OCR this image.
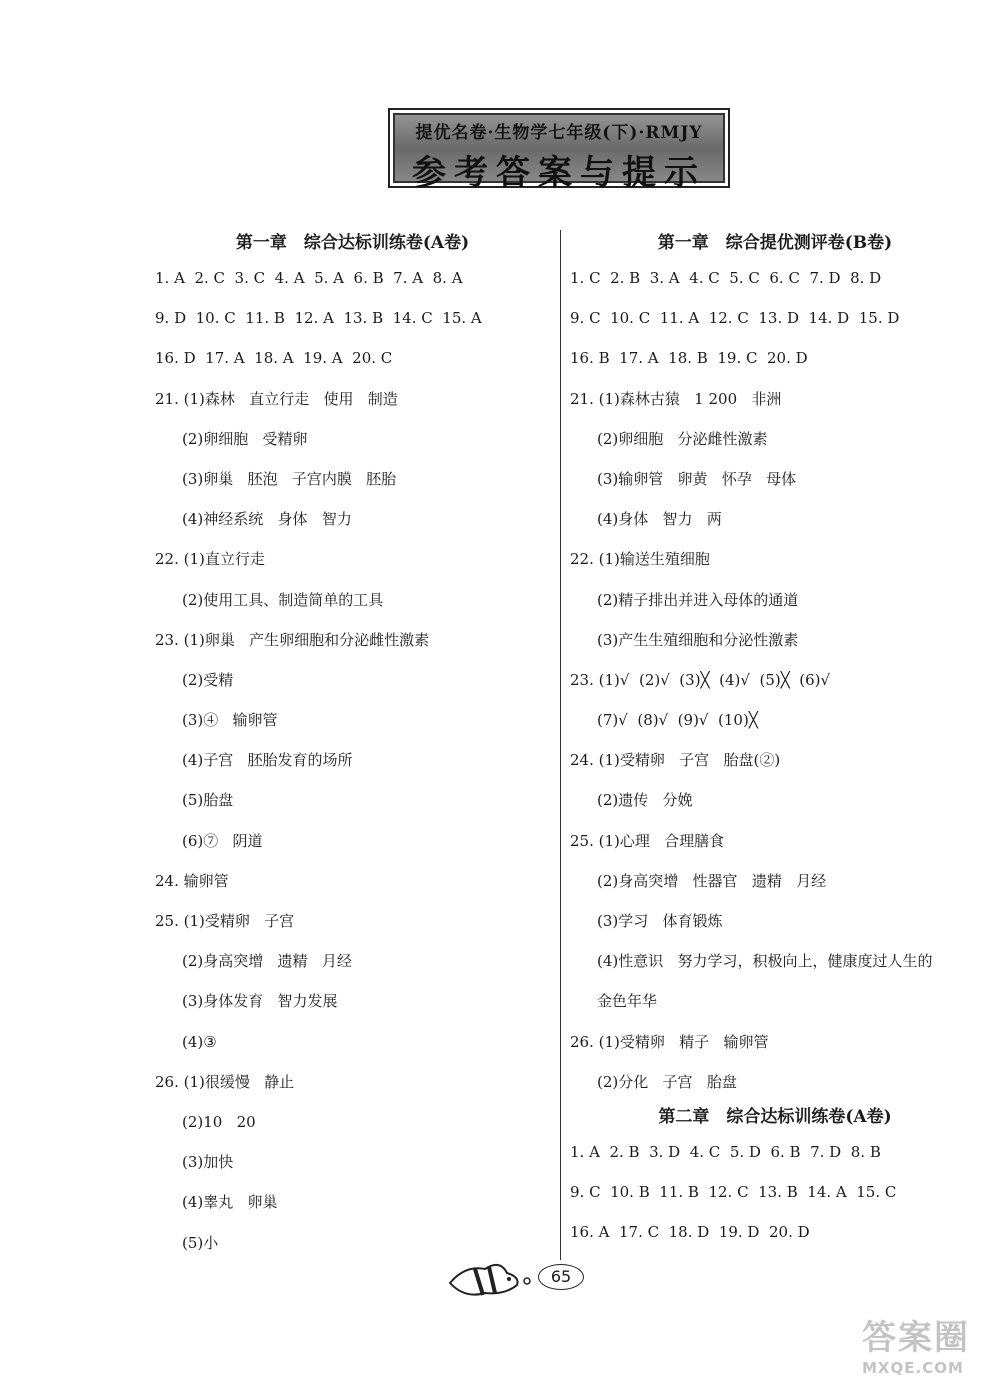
提优名卷·生物学七年级(下)·RMJY
参考答案与提示
第一章　综合达标训练卷(A卷)
1. A  2. C  3. C  4. A  5. A  6. B  7. A  8. A
9. D  10. C  11. B  12. A  13. B  14. C  15. A
16. D  17. A  18. A  19. A  20. C
21. (1)森林   直立行走   使用   制造
(2)卵细胞   受精卵
(3)卵巢   胚泡   子宫内膜   胚胎
(4)神经系统   身体   智力
22. (1)直立行走
(2)使用工具、制造简单的工具
23. (1)卵巢   产生卵细胞和分泌雌性激素
(2)受精
(3)④   输卵管
(4)子宫   胚胎发育的场所
(5)胎盘
(6)⑦   阴道
24. 输卵管
25. (1)受精卵   子宫
(2)身高突增   遗精   月经
(3)身体发育   智力发展
(4)③
26. (1)很缓慢   静止
(2)10   20
(3)加快
(4)睾丸   卵巢
(5)小
第一章　综合提优测评卷(B卷)
1. C  2. B  3. A  4. C  5. C  6. C  7. D  8. D
9. C  10. C  11. A  12. C  13. D  14. D  15. D
16. B  17. A  18. B  19. C  20. D
21. (1)森林古猿   1 200   非洲
(2)卵细胞   分泌雌性激素
(3)输卵管   卵黄   怀孕   母体
(4)身体   智力   两
22. (1)输送生殖细胞
(2)精子排出并进入母体的通道
(3)产生生殖细胞和分泌性激素
23. (1)√  (2)√  (3)╳  (4)√  (5)╳  (6)√
(7)√  (8)√  (9)√  (10)╳
24. (1)受精卵   子宫   胎盘(②)
(2)遗传   分娩
25. (1)心理   合理膳食
(2)身高突增   性器官   遗精   月经
(3)学习   体育锻炼
(4)性意识   努力学习，积极向上，健康度过人生的
金色年华
26. (1)受精卵   精子   输卵管
(2)分化   子宫   胎盘
第二章　综合达标训练卷(A卷)
1. A  2. B  3. D  4. C  5. D  6. B  7. D  8. B
9. C  10. B  11. B  12. C  13. B  14. A  15. C
16. A  17. C  18. D  19. D  20. D
65
答案圈
MXQE.COM
